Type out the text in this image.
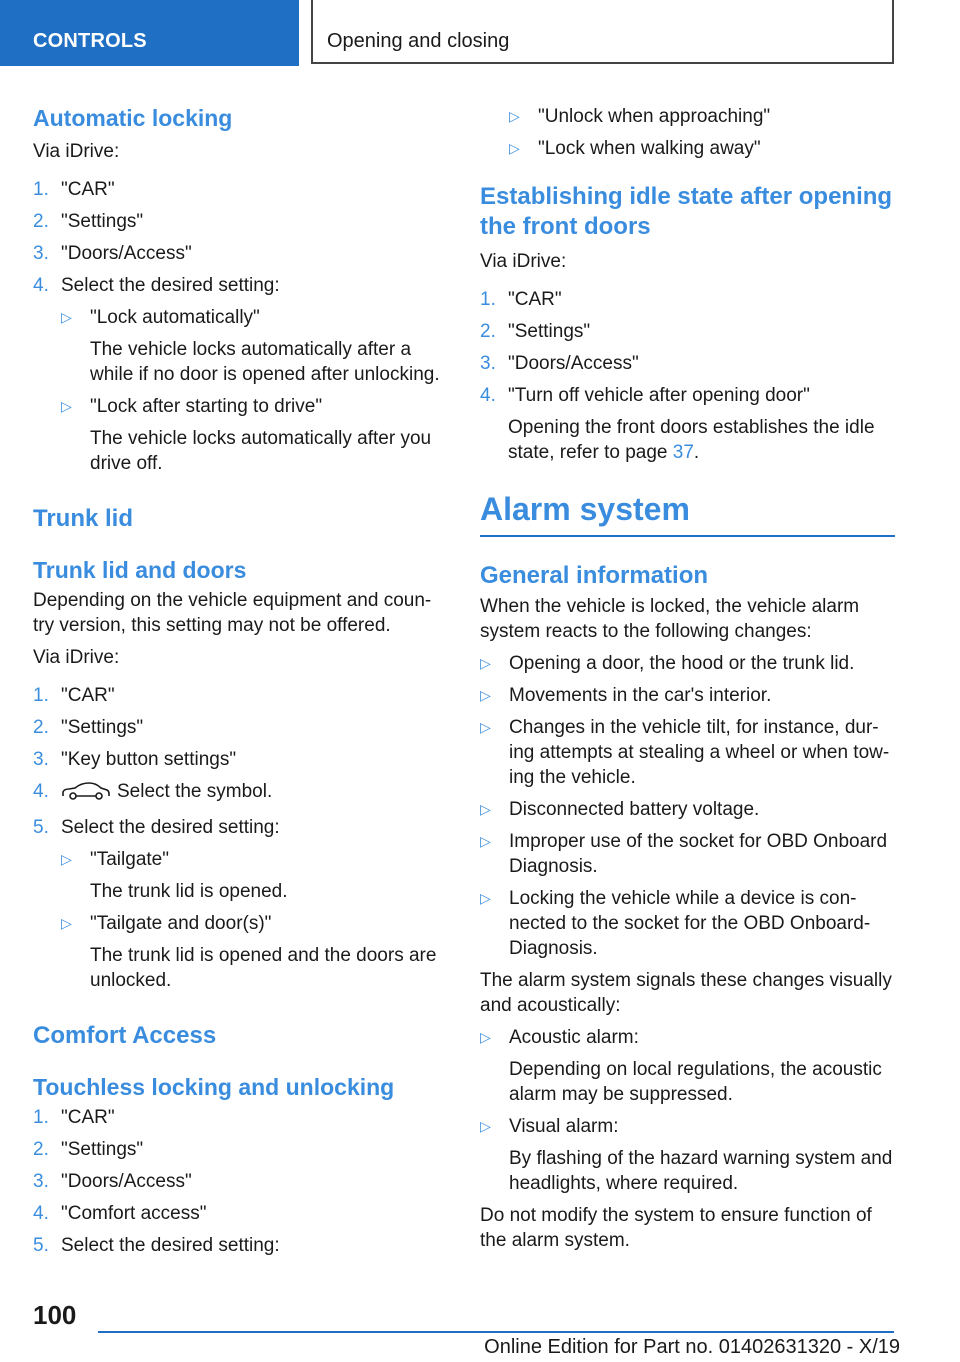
CONTROLS	Opening and closing
Automatic locking

Via iDrive:

1. "CAR"
2. "Settings"
3. "Doors/Access"
4. Select the desired setting:
▷ "Lock automatically"

The vehicle locks automatically after a while if no door is opened after unlocking.

▷ "Lock after starting to drive"

The vehicle locks automatically after you drive off.

Trunk lid
Trunk lid and doors

Depending on the vehicle equipment and coun‐try version, this setting may not be offered.

Via iDrive:

1. "CAR"
2. "Settings"
3. "Key button settings"
4.	Select the symbol.
5. Select the desired setting:
▷ "Tailgate"

The trunk lid is opened.

▷ "Tailgate and door(s)"

The trunk lid is opened and the doors are unlocked.

Comfort Access
Touchless locking and unlocking
1. "CAR"
2. "Settings"
3. "Doors/Access"
4. "Comfort access"
5. Select the desired setting:
▷ "Unlock when approaching"
▷ "Lock when walking away"
Establishing idle state after opening the front doors

Via iDrive:

1. "CAR"
2. "Settings"
3. "Doors/Access"
4. "Turn off vehicle after opening door"

Opening the front doors establishes the idle state, refer to page 37.

Alarm system
General information

When the vehicle is locked, the vehicle alarm system reacts to the following changes:

▷ Opening a door, the hood or the trunk lid.
▷ Movements in the car's interior.
▷ Changes in the vehicle tilt, for instance, dur‐ing attempts at stealing a wheel or when tow‐ing the vehicle.
▷ Disconnected battery voltage.
▷ Improper use of the socket for OBD Onboard Diagnosis.
▷ Locking the vehicle while a device is con‐nected to the socket for the OBD Onboard-Diagnosis.

The alarm system signals these changes visually and acoustically:

▷ Acoustic alarm:

Depending on local regulations, the acoustic alarm may be suppressed.

▷ Visual alarm:

By flashing of the hazard warning system and headlights, where required.

Do not modify the system to ensure function of the alarm system.

100
Online Edition for Part no. 01402631320 - X/19
